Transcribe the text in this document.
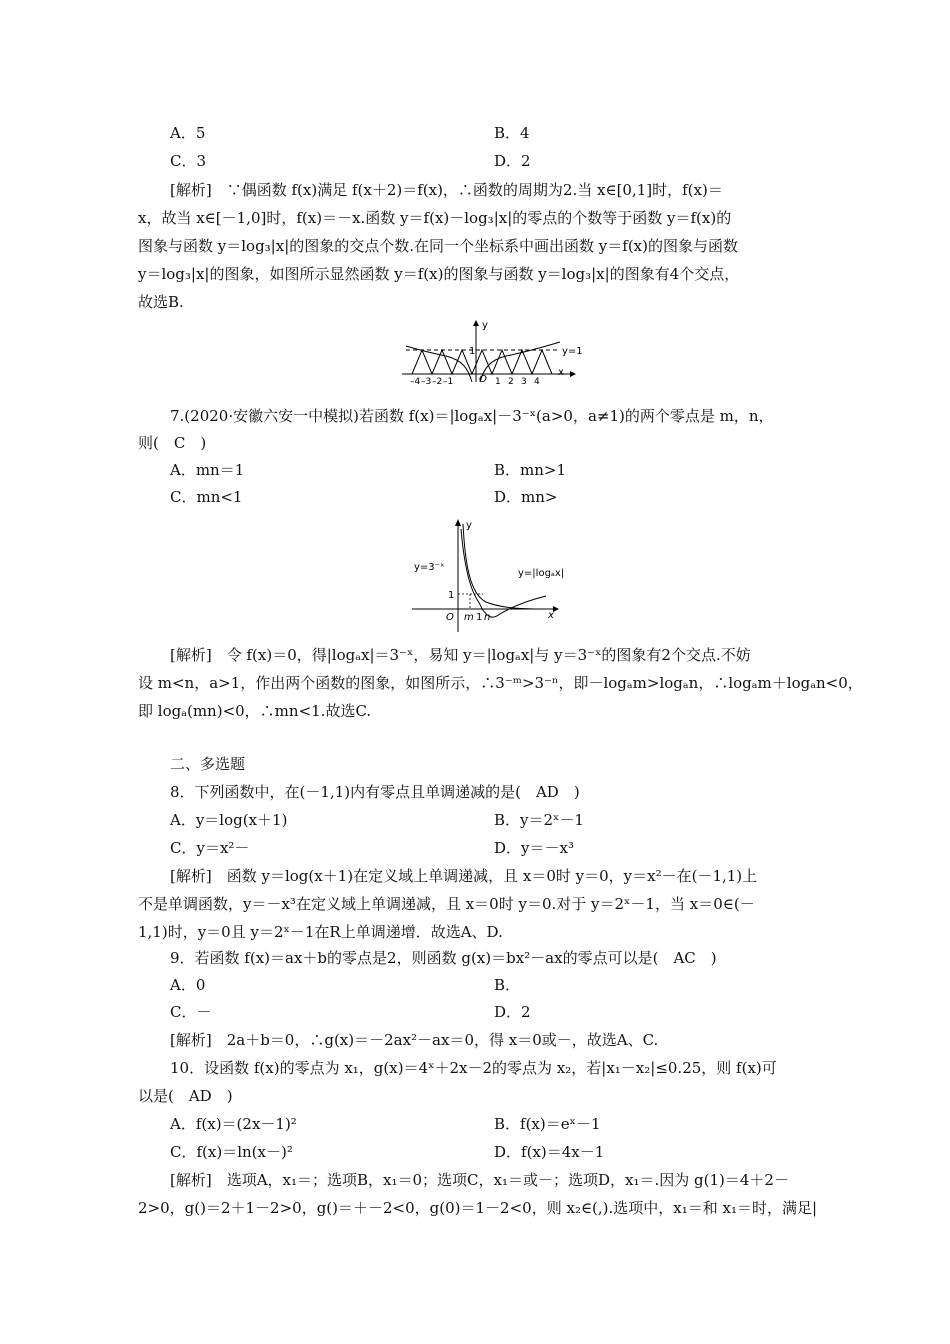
A．5	B．4
C．3	D．2
[解析]　∵偶函数 f(x)满足 f(x＋2)＝f(x)，∴函数的周期为2.当 x∈[0,1]时，f(x)＝
x，故当 x∈[－1,0]时，f(x)＝－x.函数 y＝f(x)－log₃|x|的零点的个数等于函数 y＝f(x)的
图象与函数 y＝log₃|x|的图象的交点个数.在同一个坐标系中画出函数 y＝f(x)的图象与函数
y＝log₃|x|的图象，如图所示显然函数 y＝f(x)的图象与函数 y＝log₃|x|的图象有4个交点，
故选B.
y
x
y=1
1
O
–4 –3 –2 –1	1 2 3 4
7.(2020·安徽六安一中模拟)若函数 f(x)＝|logₐx|－3⁻ˣ(a>0，a≠1)的两个零点是 m，n，
则(　C　)
A．mn＝1	B．mn>1
C．mn<1	D．mn>
y
x
y=3⁻ˣ
y=|logₐx|
1
O m 1 n
[解析]　令 f(x)＝0，得|logₐx|＝3⁻ˣ，易知 y＝|logₐx|与 y＝3⁻ˣ的图象有2个交点.不妨
设 m<n，a>1，作出两个函数的图象，如图所示，∴3⁻ᵐ>3⁻ⁿ，即－logₐm>logₐn，∴logₐm＋logₐn<0，
即 logₐ(mn)<0，∴mn<1.故选C.
二、多选题
8．下列函数中，在(－1,1)内有零点且单调递减的是(　AD　)
A．y＝log(x＋1)	B．y＝2ˣ－1
C．y＝x²－	D．y＝－x³
[解析]　函数 y＝log(x＋1)在定义域上单调递减，且 x＝0时 y＝0，y＝x²－在(－1,1)上
不是单调函数，y＝－x³在定义域上单调递减，且 x＝0时 y＝0.对于 y＝2ˣ－1，当 x＝0∈(－
1,1)时，y＝0且 y＝2ˣ－1在R上单调递增．故选A、D.
9．若函数 f(x)＝ax＋b的零点是2，则函数 g(x)＝bx²－ax的零点可以是(　AC　)
A．0	B．
C．－	D．2
[解析]　2a＋b＝0，∴g(x)＝－2ax²－ax＝0，得 x＝0或－，故选A、C.
10．设函数 f(x)的零点为 x₁，g(x)＝4ˣ＋2x－2的零点为 x₂，若|x₁－x₂|≤0.25，则 f(x)可
以是(　AD　)
A．f(x)＝(2x－1)²	B．f(x)＝eˣ－1
C．f(x)＝ln(x－)²	D．f(x)＝4x－1
[解析]　选项A，x₁＝；选项B，x₁＝0；选项C，x₁＝或－；选项D，x₁＝.因为 g(1)＝4＋2－
2>0，g()＝2＋1－2>0，g()＝＋－2<0，g(0)＝1－2<0，则 x₂∈(,).选项中，x₁＝和 x₁＝时，满足|
